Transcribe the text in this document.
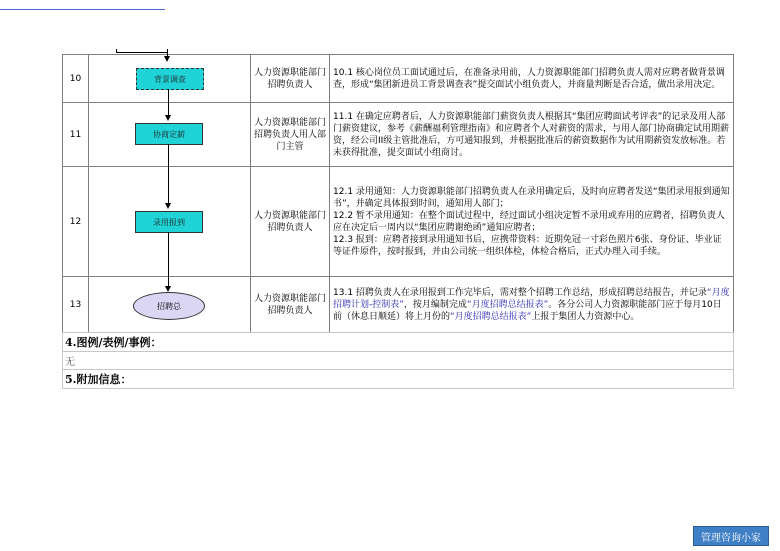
10	背景调查	人力资源职能部门招聘负责人	10.1 核心岗位员工面试通过后，在准备录用前，人力资源职能部门招聘负责人需对应聘者做背景调查，形成“集团新进员工背景调查表”提交面试小组负责人，并商量判断是否合适，做出录用决定。
11	协商定薪	人力资源职能部门招聘负责人用人部门主管	11.1 在确定应聘者后，人力资源职能部门薪资负责人根据其“集团应聘面试考评表”的记录及用人部门薪资建议，参考《薪酬福利管理指南》和应聘者个人对薪资的需求，与用人部门协商确定试用期薪资，经公司II级主管批准后，方可通知报到，并根据批准后的薪资数据作为试用期薪资发放标准。若未获得批准，提交面试小组商讨。
12	录用报到	人力资源职能部门招聘负责人	12.1 录用通知：人力资源职能部门招聘负责人在录用确定后，及时向应聘者发送“集团录用报到通知书”，并确定具体报到时间，通知用人部门；
12.2 暂不录用通知：在整个面试过程中，经过面试小组决定暂不录用或弃用的应聘者，招聘负责人应在决定后一周内以“集团应聘谢绝函”通知应聘者；
12.3 报到：应聘者接到录用通知书后，应携带资料：近期免冠一寸彩色照片6张、身份证、毕业证等证件原件，按时报到，并由公司统一组织体检，体检合格后，正式办理入司手续。

13	招聘总	人力资源职能部门招聘负责人	13.1 招聘负责人在录用报到工作完毕后，需对整个招聘工作总结，形成招聘总结报告，并记录“月度招聘计划-控制表”，按月编制完成“月度招聘总结报表”。各分公司人力资源职能部门应于每月10日前（休息日顺延）将上月份的“月度招聘总结报表”上报于集团人力资源中心。
4.图例/表例/事例：
无
5.附加信息：
管理咨询小家
